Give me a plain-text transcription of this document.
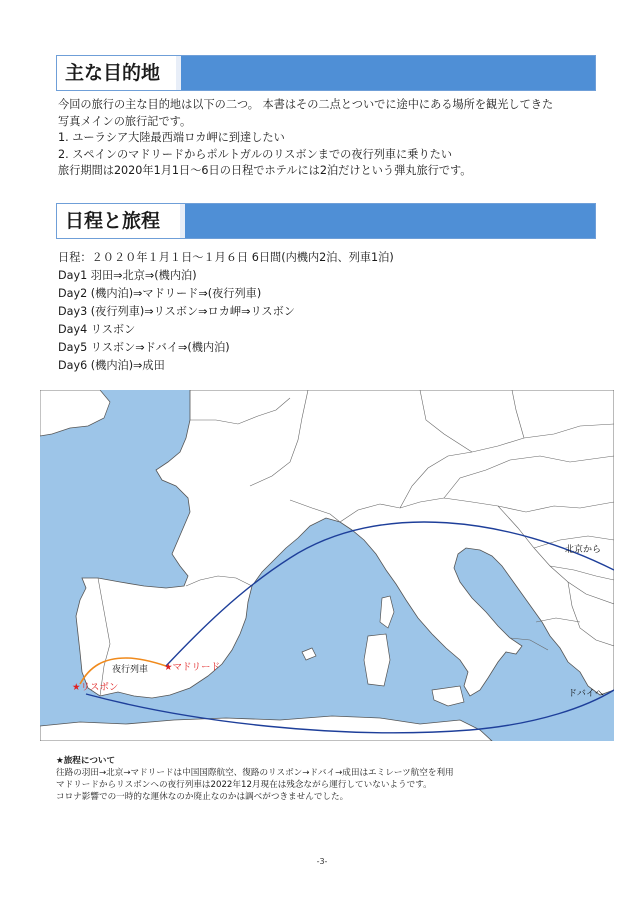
主な目的地
今回の旅行の主な目的地は以下の二つ。 本書はその二点とついでに途中にある場所を観光してきた
写真メインの旅行記です。
1. ユーラシア大陸最西端ロカ岬に到達したい
2. スペインのマドリードからポルトガルのリスボンまでの夜行列車に乗りたい
旅行期間は2020年1月1日～6日の日程でホテルには2泊だけという弾丸旅行です。
日程と旅程
日程：２０２０年１月１日～１月６日 6日間(内機内2泊、列車1泊)
Day1 羽田⇒北京⇒(機内泊)
Day2 (機内泊)⇒マドリード⇒(夜行列車)
Day3 (夜行列車)⇒リスボン⇒ロカ岬⇒リスボン
Day4 リスボン
Day5 リスボン⇒ドバイ⇒(機内泊)
Day6 (機内泊)⇒成田
北京から
夜行列車 ★マドリード
★リスボン
ドバイへ
★旅程について
往路の羽田→北京→マドリードは中国国際航空、復路のリスボン→ドバイ→成田はエミレーツ航空を利用
マドリードからリスボンへの夜行列車は2022年12月現在は残念ながら運行していないようです。
コロナ影響での一時的な運休なのか廃止なのかは調べがつきませんでした。
-3-
